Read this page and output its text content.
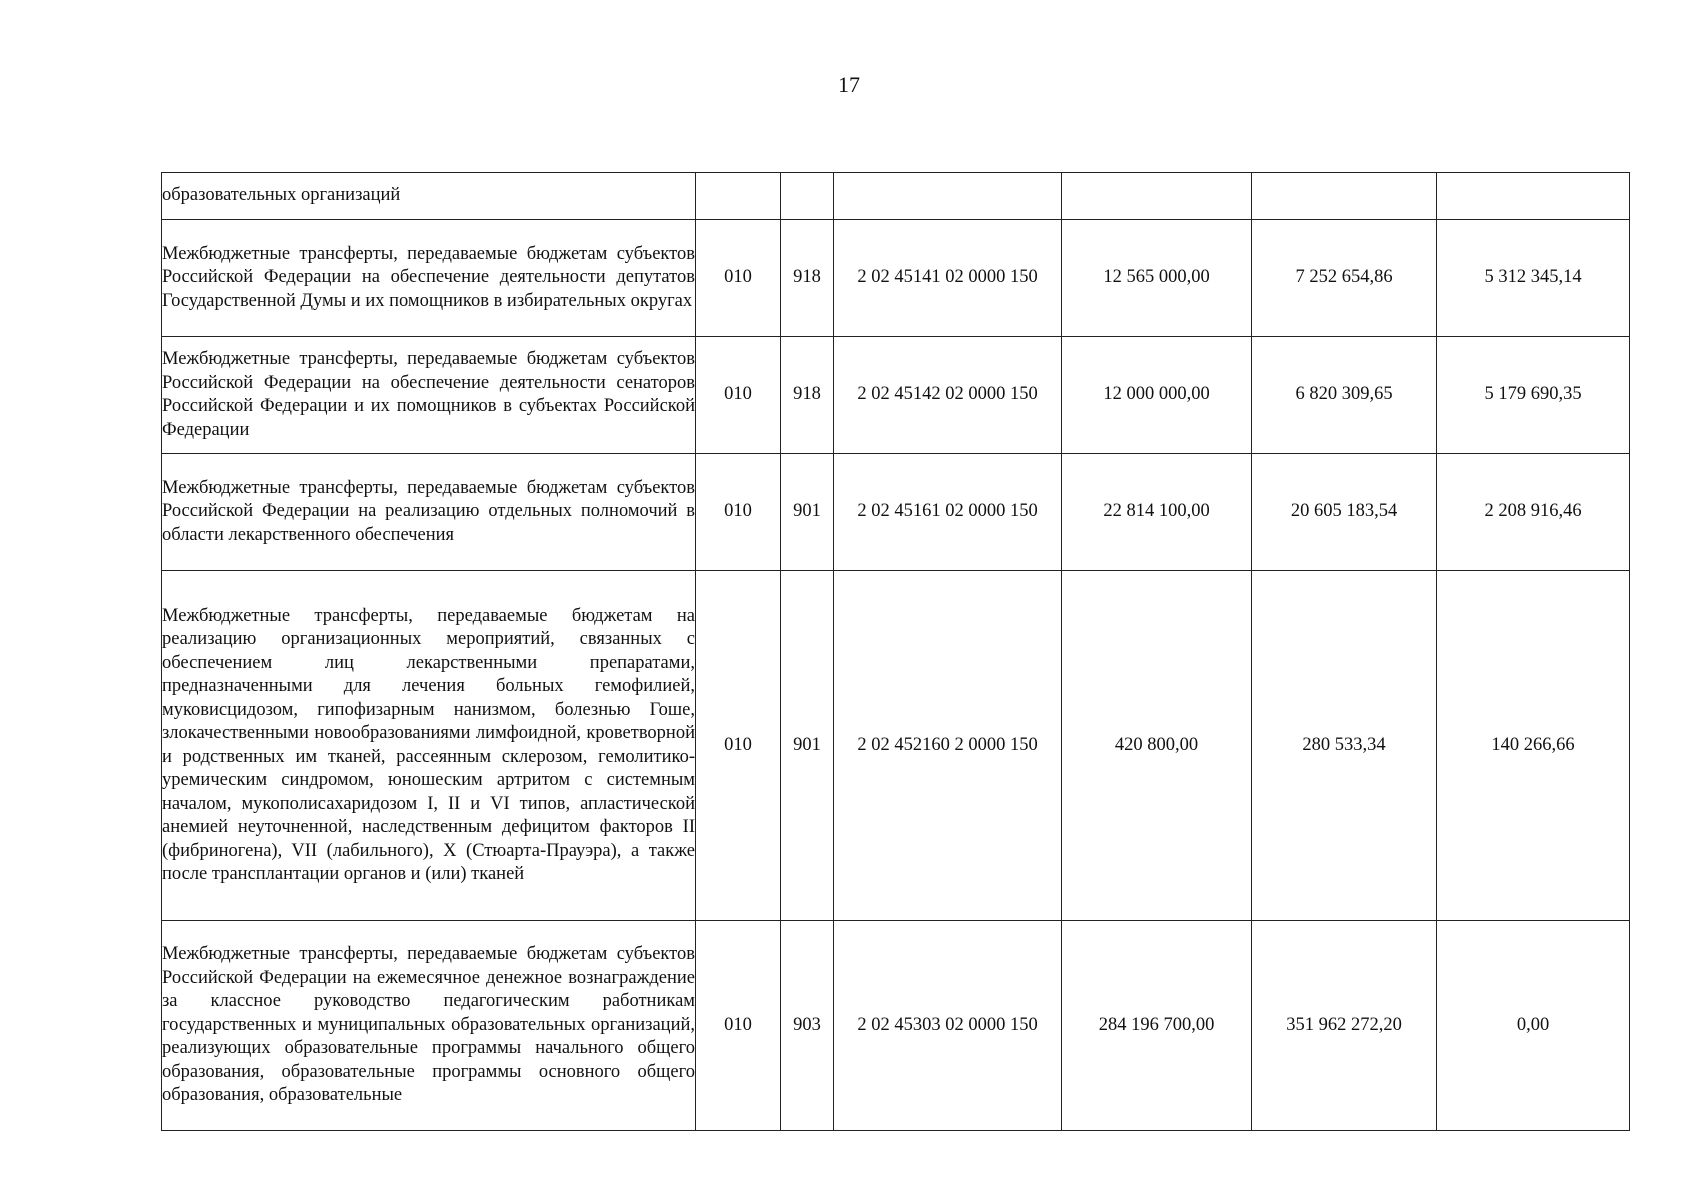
17
образовательных организаций						
Межбюджетные трансферты, передаваемые бюджетам субъектов Российской Федерации на обеспечение деятельности депутатов Государственной Думы и их помощников в избирательных округах	010	918	2 02 45141 02 0000 150	12 565 000,00	7 252 654,86	5 312 345,14
Межбюджетные трансферты, передаваемые бюджетам субъектов Российской Федерации на обеспечение деятельности сенаторов Российской Федерации и их помощников в субъектах Российской Федерации	010	918	2 02 45142 02 0000 150	12 000 000,00	6 820 309,65	5 179 690,35
Межбюджетные трансферты, передаваемые бюджетам субъектов Российской Федерации на реализацию отдельных полномочий в области лекарственного обеспечения	010	901	2 02 45161 02 0000 150	22 814 100,00	20 605 183,54	2 208 916,46
Межбюджетные трансферты, передаваемые бюджетам на реализацию организационных мероприятий, связанных с обеспечением лиц лекарственными препаратами, предназначенными для лечения больных гемофилией, муковисцидозом, гипофизарным нанизмом, болезнью Гоше, злокачественными новообразованиями лимфоидной, кроветворной и родственных им тканей, рассеянным склерозом, гемолитико-уремическим синдромом, юношеским артритом с системным началом, мукополисахаридозом I, II и VI типов, апластической анемией неуточненной, наследственным дефицитом факторов II (фибриногена), VII (лабильного), X (Стюарта-Прауэра), а также после трансплантации органов и (или) тканей	010	901	2 02 452160 2 0000 150	420 800,00	280 533,34	140 266,66
Межбюджетные трансферты, передаваемые бюджетам субъектов Российской Федерации на ежемесячное денежное вознаграждение за классное руководство педагогическим работникам государственных и муниципальных образовательных организаций, реализующих образовательные программы начального общего образования, образовательные программы основного общего образования, образовательные	010	903	2 02 45303 02 0000 150	284 196 700,00	351 962 272,20	0,00
